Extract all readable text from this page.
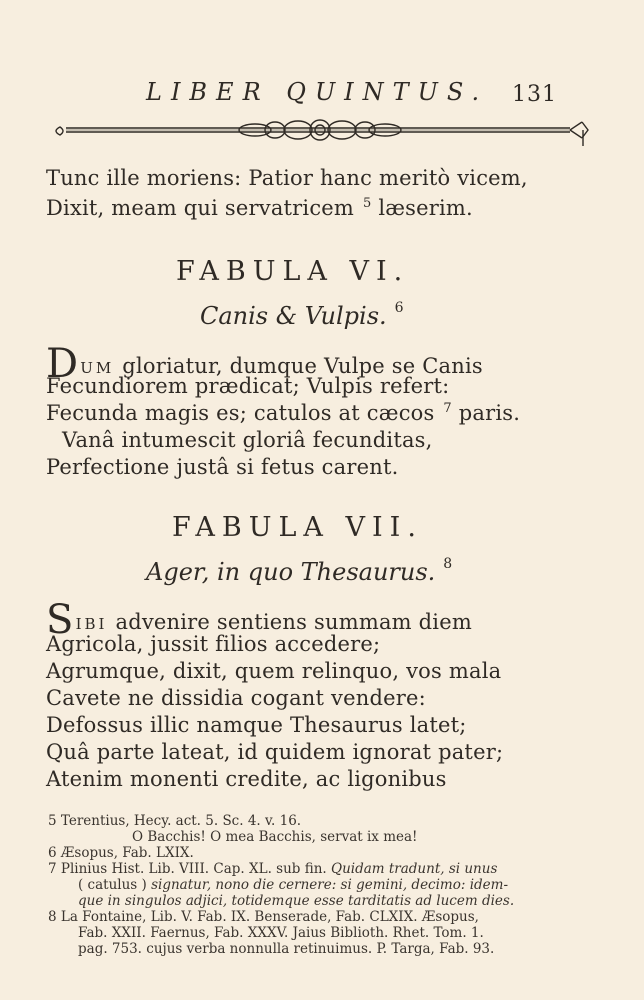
LIBER QUINTUS. 131
Tunc ille moriens: Patior hanc meritò vicem,
Dixit, meam qui servatricem $^5$ læserim.
FABULA VI.
Canis & Vulpis. $^6$
DUM gloriatur, dumque Vulpe se Canis
Fecundiorem prædicat; Vulpis refert:
Fecunda magis es; catulos at cæcos $^7$ paris.
Vanâ intumescit gloriâ fecunditas,
Perfectione justâ si fetus carent.
FABULA VII.
Ager, in quo Thesaurus. $^8$
SIBI advenire sentiens summam diem
Agricola, jussit filios accedere;
Agrumque, dixit, quem relinquo, vos mala
Cavete ne dissidia cogant vendere:
Defossus illic namque Thesaurus latet;
Quâ parte lateat, id quidem ignorat pater;
Atenim monenti credite, ac ligonibus
5 Terentius, Hecy. act. 5. Sc. 4. v. 16.
O Bacchis! O mea Bacchis, servat ix mea!
6 Æsopus, Fab. LXIX.
7 Plinius Hist. Lib. VIII. Cap. XL. sub fin. Quidam tradunt, si unus
( catulus ) signatur, nono die cernere: si gemini, decimo: idem-
que in singulos adjici, totidemque esse tarditatis ad lucem dies.
8 La Fontaine, Lib. V. Fab. IX. Benserade, Fab. CLXIX. Æsopus,
Fab. XXII. Faernus, Fab. XXXV. Jaius Biblioth. Rhet. Tom. 1.
pag. 753. cujus verba nonnulla retinuimus. P. Targa, Fab. 93.
